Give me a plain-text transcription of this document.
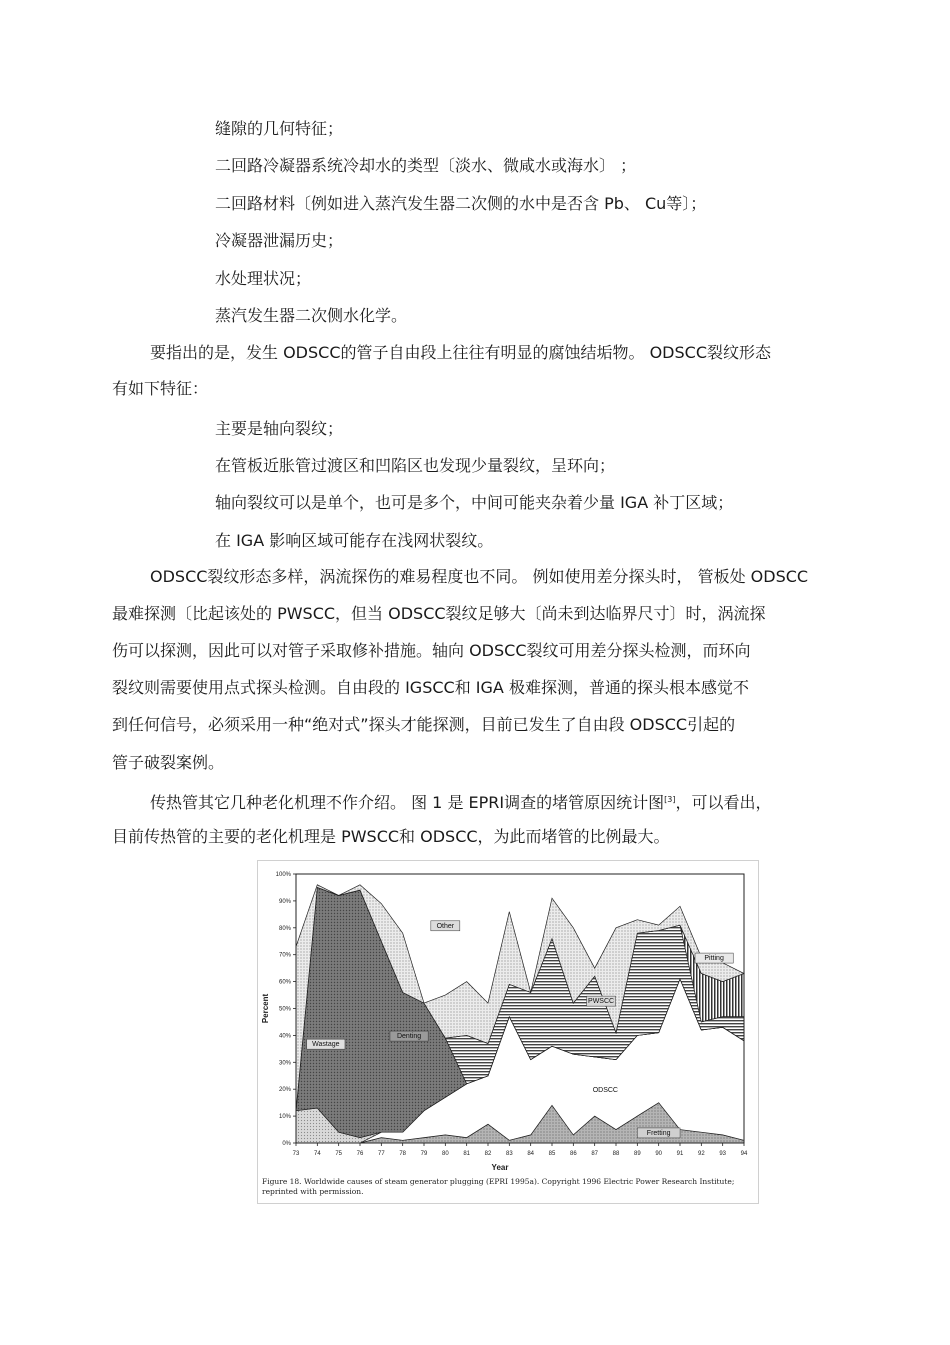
缝隙的几何特征；
二回路冷凝器系统冷却水的类型〔淡水、微咸水或海水〕 ；
二回路材料〔例如进入蒸汽发生器二次侧的水中是否含 Pb、 Cu等〕；
冷凝器泄漏历史；
水处理状况；
蒸汽发生器二次侧水化学。
要指出的是，发生 ODSCC的管子自由段上往往有明显的腐蚀结垢物。 ODSCC裂纹形态
有如下特征：
主要是轴向裂纹；
在管板近胀管过渡区和凹陷区也发现少量裂纹，呈环向；
轴向裂纹可以是单个，也可是多个，中间可能夹杂着少量 IGA 补丁区域；
在 IGA 影响区域可能存在浅网状裂纹。
ODSCC裂纹形态多样，涡流探伤的难易程度也不同。 例如使用差分探头时， 管板处 ODSCC
最难探测〔比起该处的 PWSCC，但当 ODSCC裂纹足够大〔尚未到达临界尺寸〕时，涡流探
伤可以探测，因此可以对管子采取修补措施。轴向 ODSCC裂纹可用差分探头检测，而环向
裂纹则需要使用点式探头检测。自由段的 IGSCC和 IGA 极难探测，普通的探头根本感觉不
到任何信号，必须采用一种“绝对式”探头才能探测，目前已发生了自由段 ODSCC引起的
管子破裂案例。
传热管其它几种老化机理不作介绍。 图 1 是 EPRI调查的堵管原因统计图[3]，可以看出，
目前传热管的主要的老化机理是 PWSCC和 ODSCC，为此而堵管的比例最大。
0%
10%
20%
30%
40%
50%
60%
70%
80%
90%
100%
73 74 75 76 77 78 79 80 81 82 83 84 85 86 87 88 89 90 91 92 93 94
Year
Percent
Other
Pitting
PWSCC
Denting
Wastage
ODSCC
Fretting
Figure 18. Worldwide causes of steam generator plugging (EPRI 1995a). Copyright 1996 Electric Power Research Institute; reprinted with permission.
